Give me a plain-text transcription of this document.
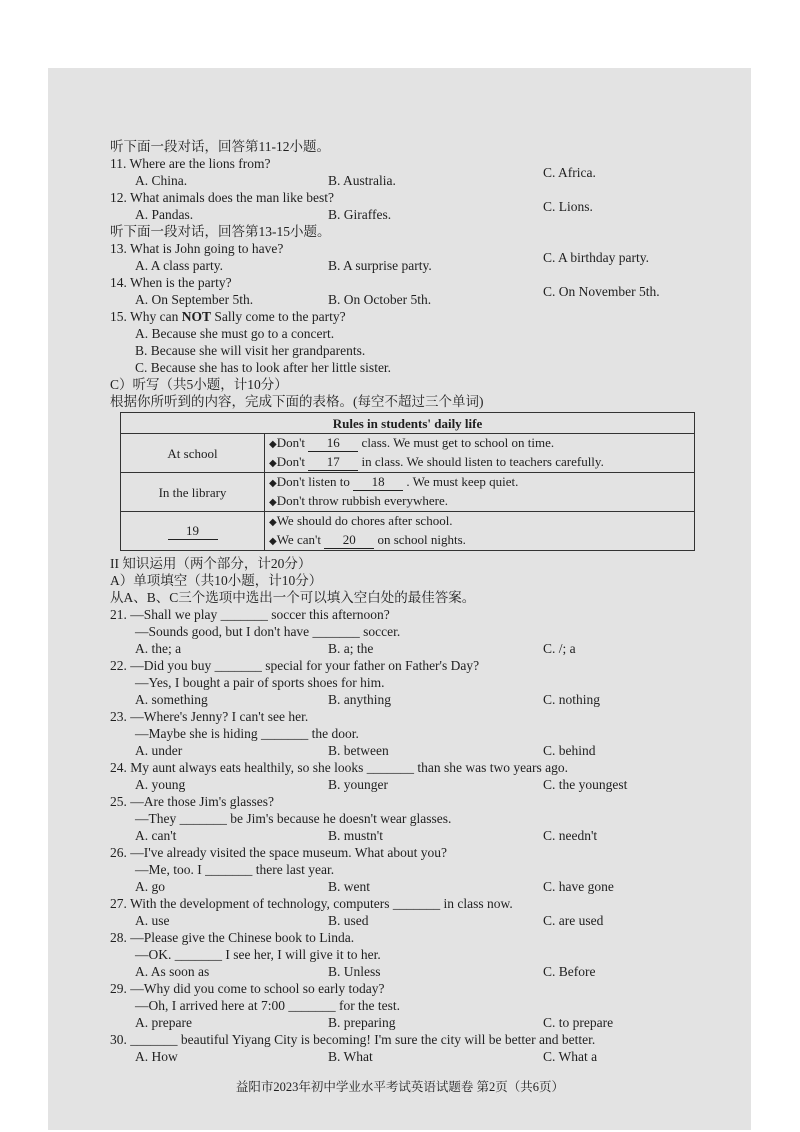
听下面一段对话，回答第11-12小题。
11. Where are the lions from?
A. China.	B. Australia.
C. Africa.
12. What animals does the man like best?
A. Pandas.	B. Giraffes.
C. Lions.
听下面一段对话，回答第13-15小题。
13. What is John going to have?
A. A class party.	B. A surprise party.
C. A birthday party.
14. When is the party?
A. On September 5th.	B. On October 5th.
C. On November 5th.
15. Why can NOT Sally come to the party?
A. Because she must go to a concert.
B. Because she will visit her grandparents.
C. Because she has to look after her little sister.
C）听写（共5小题，计10分）
根据你所听到的内容，完成下面的表格。(每空不超过三个单词)
Rules in students' daily life	
At school	◆Don't 16 class. We must get to school on time.
◆Don't 17 in class. We should listen to teachers carefully.

In the library	◆Don't listen to 18 . We must keep quiet.
◆Don't throw rubbish everywhere.

19	◆We should do chores after school.
◆We can't 20 on school nights.
II 知识运用（两个部分，计20分）
A）单项填空（共10小题，计10分）
从A、B、C三个选项中选出一个可以填入空白处的最佳答案。
21. —Shall we play _______ soccer this afternoon?
—Sounds good, but I don't have _______ soccer.
A. the; a	B. a; the	C. /; a
22. —Did you buy _______ special for your father on Father's Day?
—Yes, I bought a pair of sports shoes for him.
A. something	B. anything	C. nothing
23. —Where's Jenny? I can't see her.
—Maybe she is hiding _______ the door.
A. under	B. between	C. behind
24. My aunt always eats healthily, so she looks _______ than she was two years ago.
A. young	B. younger	C. the youngest
25. —Are those Jim's glasses?
—They _______ be Jim's because he doesn't wear glasses.
A. can't	B. mustn't	C. needn't
26. —I've already visited the space museum. What about you?
—Me, too. I _______ there last year.
A. go	B. went	C. have gone
27. With the development of technology, computers _______ in class now.
A. use	B. used	C. are used
28. —Please give the Chinese book to Linda.
—OK. _______ I see her, I will give it to her.
A. As soon as	B. Unless	C. Before
29. —Why did you come to school so early today?
—Oh, I arrived here at 7:00 _______ for the test.
A. prepare	B. preparing	C. to prepare
30. _______ beautiful Yiyang City is becoming! I'm sure the city will be better and better.
A. How	B. What	C. What a
益阳市2023年初中学业水平考试英语试题卷 第2页（共6页）
